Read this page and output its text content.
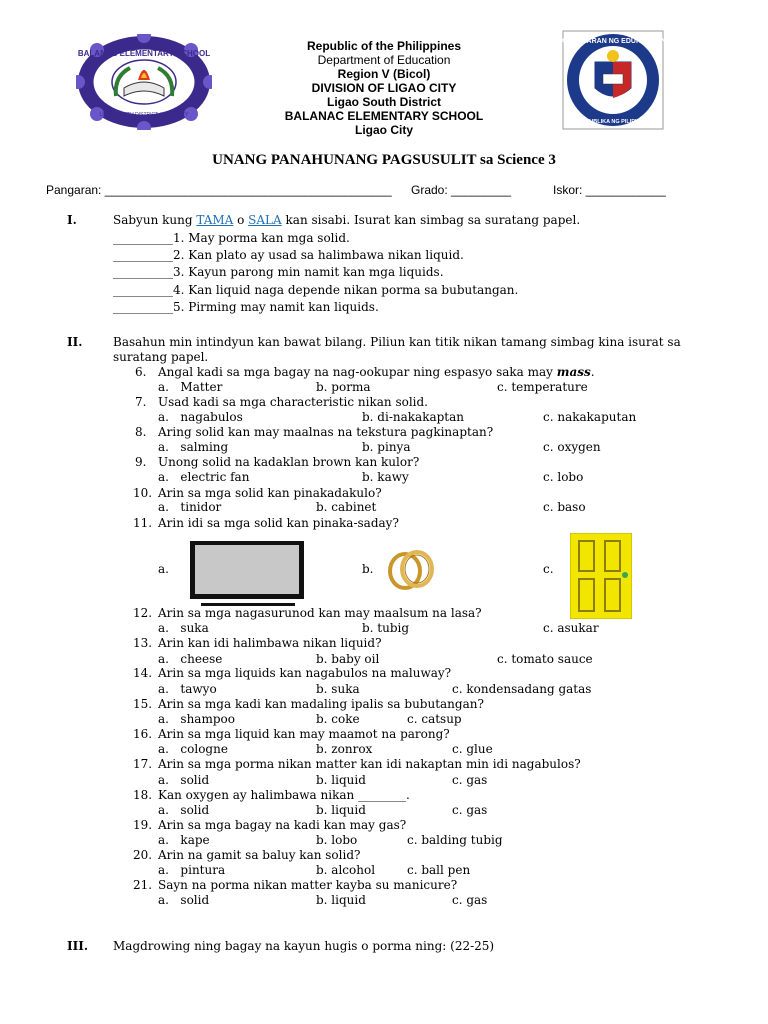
BALANAC ELEMENTARY SCHOOL
LIGAO SOUTH DISTRICT, LIGAO CITY
KAGAWARAN NG EDUKASYON
REPUBLIKA NG PILIPINAS
Republic of the Philippines
Department of Education
Region V (Bicol)
DIVISION OF LIGAO CITY
Ligao South District
BALANAC ELEMENTARY SCHOOL
Ligao City
UNANG PANAHUNANG PAGSUSULIT sa Science 3
Pangaran: ___________________________________________ Grado: _________	Iskor: ____________
I.	Sabyun kung TAMA o SALA kan sisabi. Isurat kan simbag sa suratang papel.
__________1. May porma kan mga solid.
__________2. Kan plato ay usad sa halimbawa nikan liquid.
__________3. Kayun parong min namit kan mga liquids.
__________4. Kan liquid naga depende nikan porma sa bubutangan.
__________5. Pirming may namit kan liquids.
II.	Basahun min intindyun kan bawat bilang. Piliun kan titik nikan tamang simbag kina isurat sa
suratang papel.
6. Angal kadi sa mga bagay na nag-ookupar ning espasyo saka may mass.
a. Matter	b. porma	c. temperature
7. Usad kadi sa mga characteristic nikan solid.
a. nagabulos	b. di-nakakaptan	c. nakakaputan
8. Aring solid kan may maalnas na tekstura pagkinaptan?
a. salming	b. pinya	c. oxygen
9. Unong solid na kadaklan brown kan kulor?
a. electric fan	b. kawy	c. lobo
10. Arin sa mga solid kan pinakadakulo?
a. tinidor	b. cabinet	c. baso
11. Arin idi sa mga solid kan pinaka-saday?
a.	b.	c.
12. Arin sa mga nagasurunod kan may maalsum na lasa?
a. suka	b. tubig	c. asukar
13. Arin kan idi halimbawa nikan liquid?
a. cheese	b. baby oil	c. tomato sauce
14. Arin sa mga liquids kan nagabulos na maluway?
a. tawyo	b. suka	c. kondensadang gatas
15. Arin sa mga kadi kan madaling ipalis sa bubutangan?
a. shampoo	b. coke	c. catsup
16. Arin sa mga liquid kan may maamot na parong?
a. cologne	b. zonrox	c. glue
17. Arin sa mga porma nikan matter kan idi nakaptan min idi nagabulos?
a. solid	b. liquid	c. gas
18. Kan oxygen ay halimbawa nikan ________.
a. solid	b. liquid	c. gas
19. Arin sa mga bagay na kadi kan may gas?
a. kape	b. lobo	c. balding tubig
20. Arin na gamit sa baluy kan solid?
a. pintura	b. alcohol	c. ball pen
21. Sayn na porma nikan matter kayba su manicure?
a. solid	b. liquid	c. gas
III. Magdrowing ning bagay na kayun hugis o porma ning: (22-25)
